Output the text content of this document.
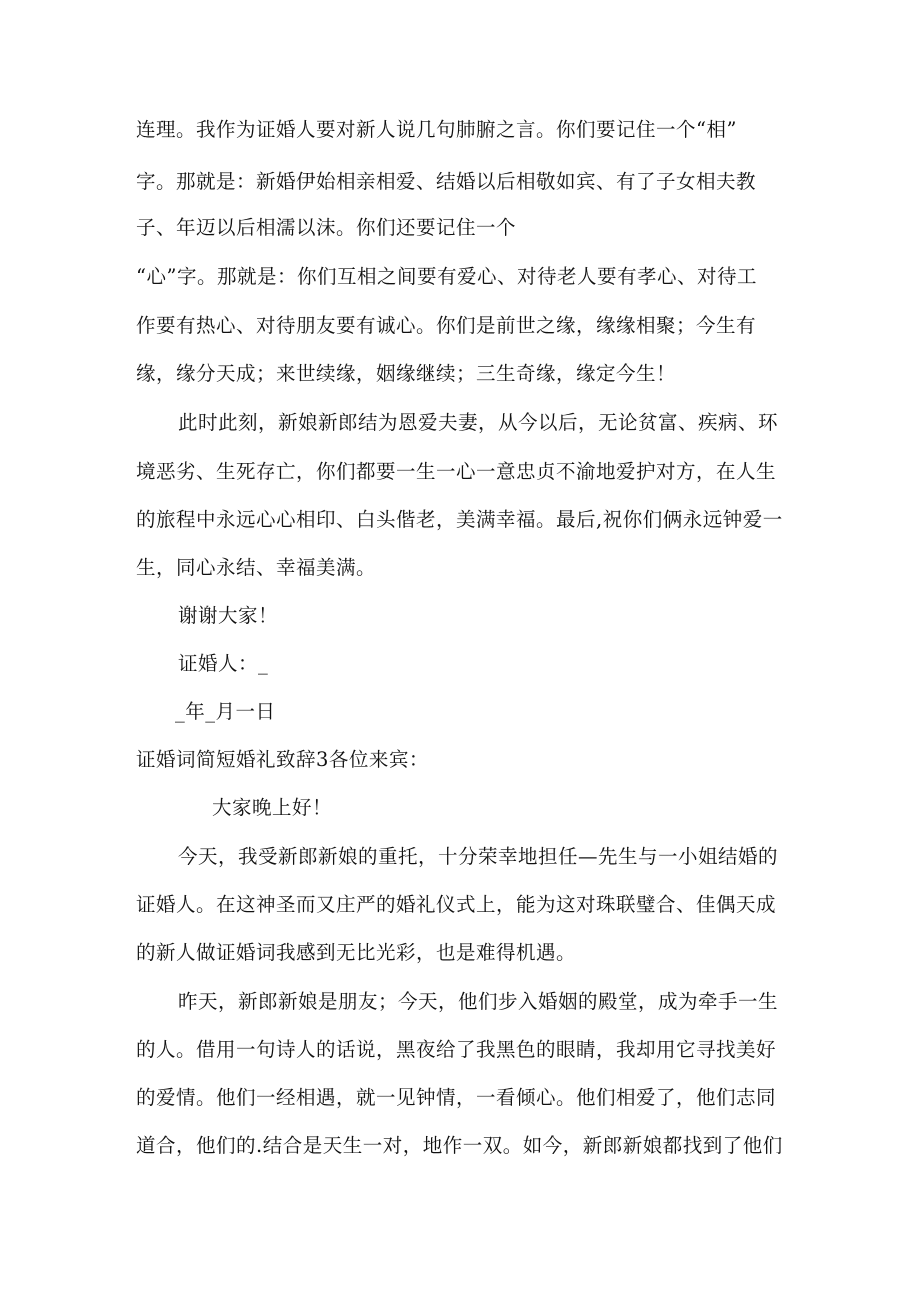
连理。我作为证婚人要对新人说几句肺腑之言。你们要记住一个“相”

字。那就是：新婚伊始相亲相爱、结婚以后相敬如宾、有了子女相夫教

子、年迈以后相濡以沫。你们还要记住一个

“心”字。那就是：你们互相之间要有爱心、对待老人要有孝心、对待工

作要有热心、对待朋友要有诚心。你们是前世之缘，缘缘相聚；今生有

缘，缘分天成；来世续缘，姻缘继续；三生奇缘，缘定今生！

此时此刻，新娘新郎结为恩爱夫妻，从今以后，无论贫富、疾病、环

境恶劣、生死存亡，你们都要一生一心一意忠贞不渝地爱护对方，在人生

的旅程中永远心心相印、白头偕老，美满幸福。最后,祝你们俩永远钟爱一

生，同心永结、幸福美满。

谢谢大家！

证婚人：_

_年_月一日

证婚词简短婚礼致辞3各位来宾：

大家晚上好！

今天，我受新郎新娘的重托，十分荣幸地担任—先生与一小姐结婚的

证婚人。在这神圣而又庄严的婚礼仪式上，能为这对珠联璧合、佳偶天成

的新人做证婚词我感到无比光彩，也是难得机遇。

昨天，新郎新娘是朋友；今天，他们步入婚姻的殿堂，成为牵手一生

的人。借用一句诗人的话说，黑夜给了我黑色的眼睛，我却用它寻找美好

的爱情。他们一经相遇，就一见钟情，一看倾心。他们相爱了，他们志同

道合，他们的.结合是天生一对，地作一双。如今，新郎新娘都找到了他们
